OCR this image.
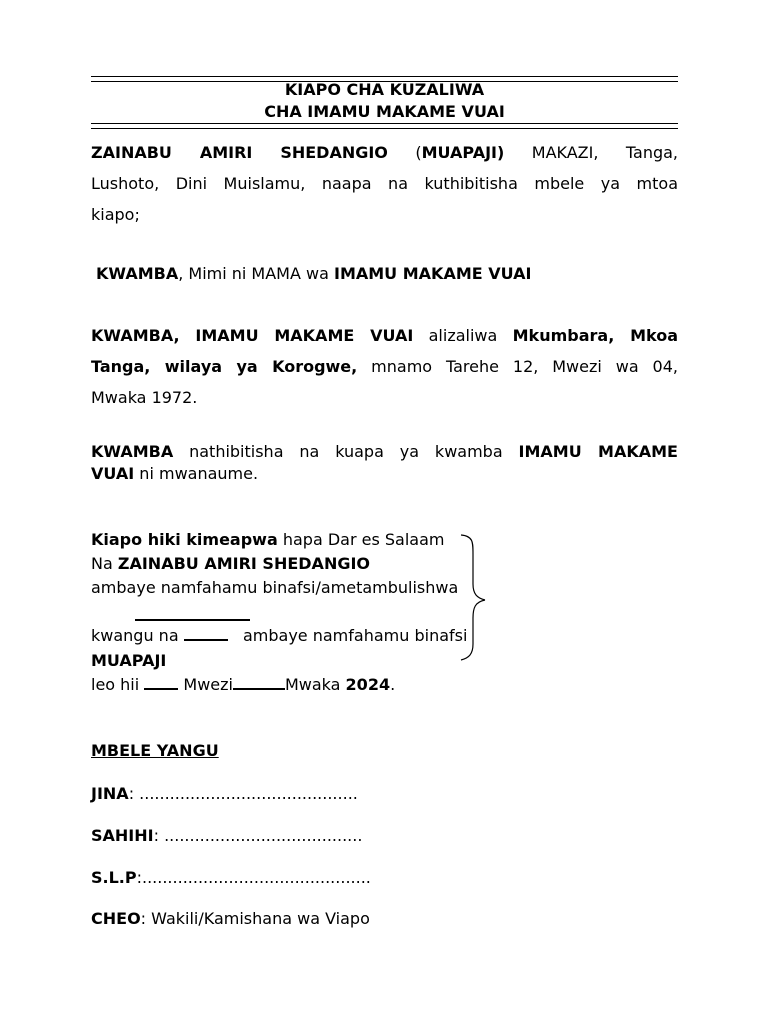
KIAPO CHA KUZALIWA
CHA IMAMU MAKAME VUAI
ZAINABU AMIRI SHEDANGIO (MUAPAJI) MAKAZI, Tanga,
Lushoto, Dini Muislamu, naapa na kuthibitisha mbele ya mtoa
kiapo;
KWAMBA, Mimi ni MAMA wa IMAMU MAKAME VUAI
KWAMBA, IMAMU MAKAME VUAI alizaliwa Mkumbara, Mkoa
Tanga, wilaya ya Korogwe, mnamo Tarehe 12, Mwezi wa 04,
Mwaka 1972.
KWAMBA nathibitisha na kuapa ya kwamba IMAMU MAKAME
VUAI ni mwanaume.
Kiapo hiki kimeapwa hapa Dar es Salaam
Na ZAINABU AMIRI SHEDANGIO
ambaye namfahamu binafsi/ametambulishwa
kwangu na	ambaye namfahamu binafsi
MUAPAJI
leo hii	Mwezi	Mwaka 2024.
MBELE YANGU
JINA: ...........................................
SAHIHI: .......................................
S.L.P:.............................................
CHEO: Wakili/Kamishana wa Viapo
